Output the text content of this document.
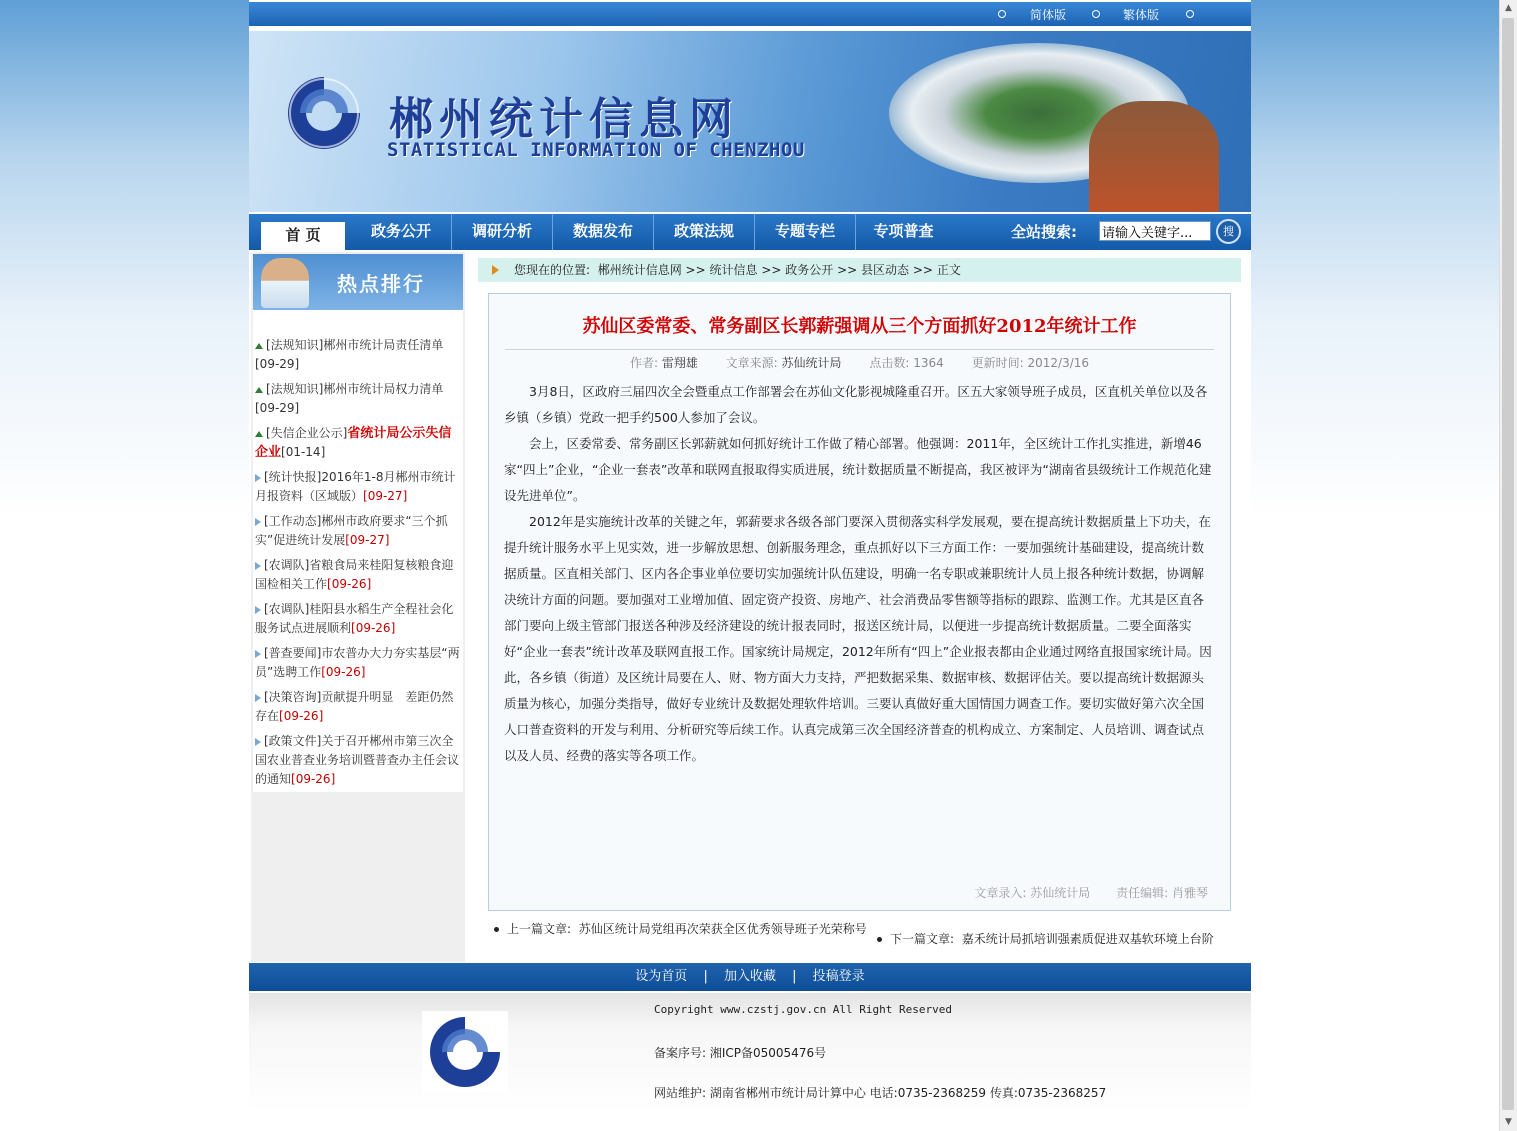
▲
▼
简体版	繁体版
郴州统计信息网
STATISTICAL INFORMATION OF CHENZHOU
首 页	政务公开	调研分析	数据发布	政策法规	专题专栏	专项普查	全站搜索:
请输入关键字...	搜
热点排行
[法规知识]郴州市统计局责任清单
[09-29]
[法规知识]郴州市统计局权力清单
[09-29]
[失信企业公示]省统计局公示失信企业[01-14]
[统计快报]2016年1-8月郴州市统计月报资料（区域版）[09-27]
[工作动态]郴州市政府要求“三个抓实”促进统计发展[09-27]
[农调队]省粮食局来桂阳复核粮食迎国检相关工作[09-26]
[农调队]桂阳县水稻生产全程社会化服务试点进展顺利[09-26]
[普查要闻]市农普办大力夯实基层“两员”选聘工作[09-26]
[决策咨询]贡献提升明显　差距仍然存在[09-26]
[政策文件]关于召开郴州市第三次全国农业普查业务培训暨普查办主任会议的通知[09-26]
您现在的位置: 郴州统计信息网 >> 统计信息 >> 政务公开 >> 县区动态 >> 正文
苏仙区委常委、常务副区长郭薪强调从三个方面抓好2012年统计工作
作者: 雷翔雄 文章来源: 苏仙统计局 点击数: 1364 更新时间: 2012/3/16

3月8日，区政府三届四次全会暨重点工作部署会在苏仙文化影视城隆重召开。区五大家领导班子成员，区直机关单位以及各乡镇（乡镇）党政一把手约500人参加了会议。

会上，区委常委、常务副区长郭薪就如何抓好统计工作做了精心部署。他强调：2011年，全区统计工作扎实推进，新增46家“四上”企业，“企业一套表”改革和联网直报取得实质进展，统计数据质量不断提高，我区被评为“湖南省县级统计工作规范化建设先进单位”。

2012年是实施统计改革的关键之年，郭薪要求各级各部门要深入贯彻落实科学发展观，要在提高统计数据质量上下功夫，在提升统计服务水平上见实效，进一步解放思想、创新服务理念，重点抓好以下三方面工作：一要加强统计基础建设，提高统计数据质量。区直相关部门、区内各企事业单位要切实加强统计队伍建设，明确一名专职或兼职统计人员上报各种统计数据，协调解决统计方面的问题。要加强对工业增加值、固定资产投资、房地产、社会消费品零售额等指标的跟踪、监测工作。尤其是区直各部门要向上级主管部门报送各种涉及经济建设的统计报表同时，报送区统计局，以便进一步提高统计数据质量。二要全面落实好“企业一套表”统计改革及联网直报工作。国家统计局规定，2012年所有“四上”企业报表都由企业通过网络直报国家统计局。因此，各乡镇（街道）及区统计局要在人、财、物方面大力支持，严把数据采集、数据审核、数据评估关。要以提高统计数据源头质量为核心，加强分类指导，做好专业统计及数据处理软件培训。三要认真做好重大国情国力调查工作。要切实做好第六次全国人口普查资料的开发与利用、分析研究等后续工作。认真完成第三次全国经济普查的机构成立、方案制定、人员培训、调查试点以及人员、经费的落实等各项工作。

文章录入: 苏仙统计局 责任编辑: 肖雅琴
上一篇文章: 苏仙区统计局党组再次荣获全区优秀领导班子光荣称号
下一篇文章: 嘉禾统计局抓培训强素质促进双基软环境上台阶
设为首页 | 加入收藏 | 投稿登录
Copyright www.czstj.gov.cn All Right Reserved
备案序号: 湘ICP备05005476号
网站维护: 湖南省郴州市统计局计算中心 电话:0735-2368259 传真:0735-2368257
